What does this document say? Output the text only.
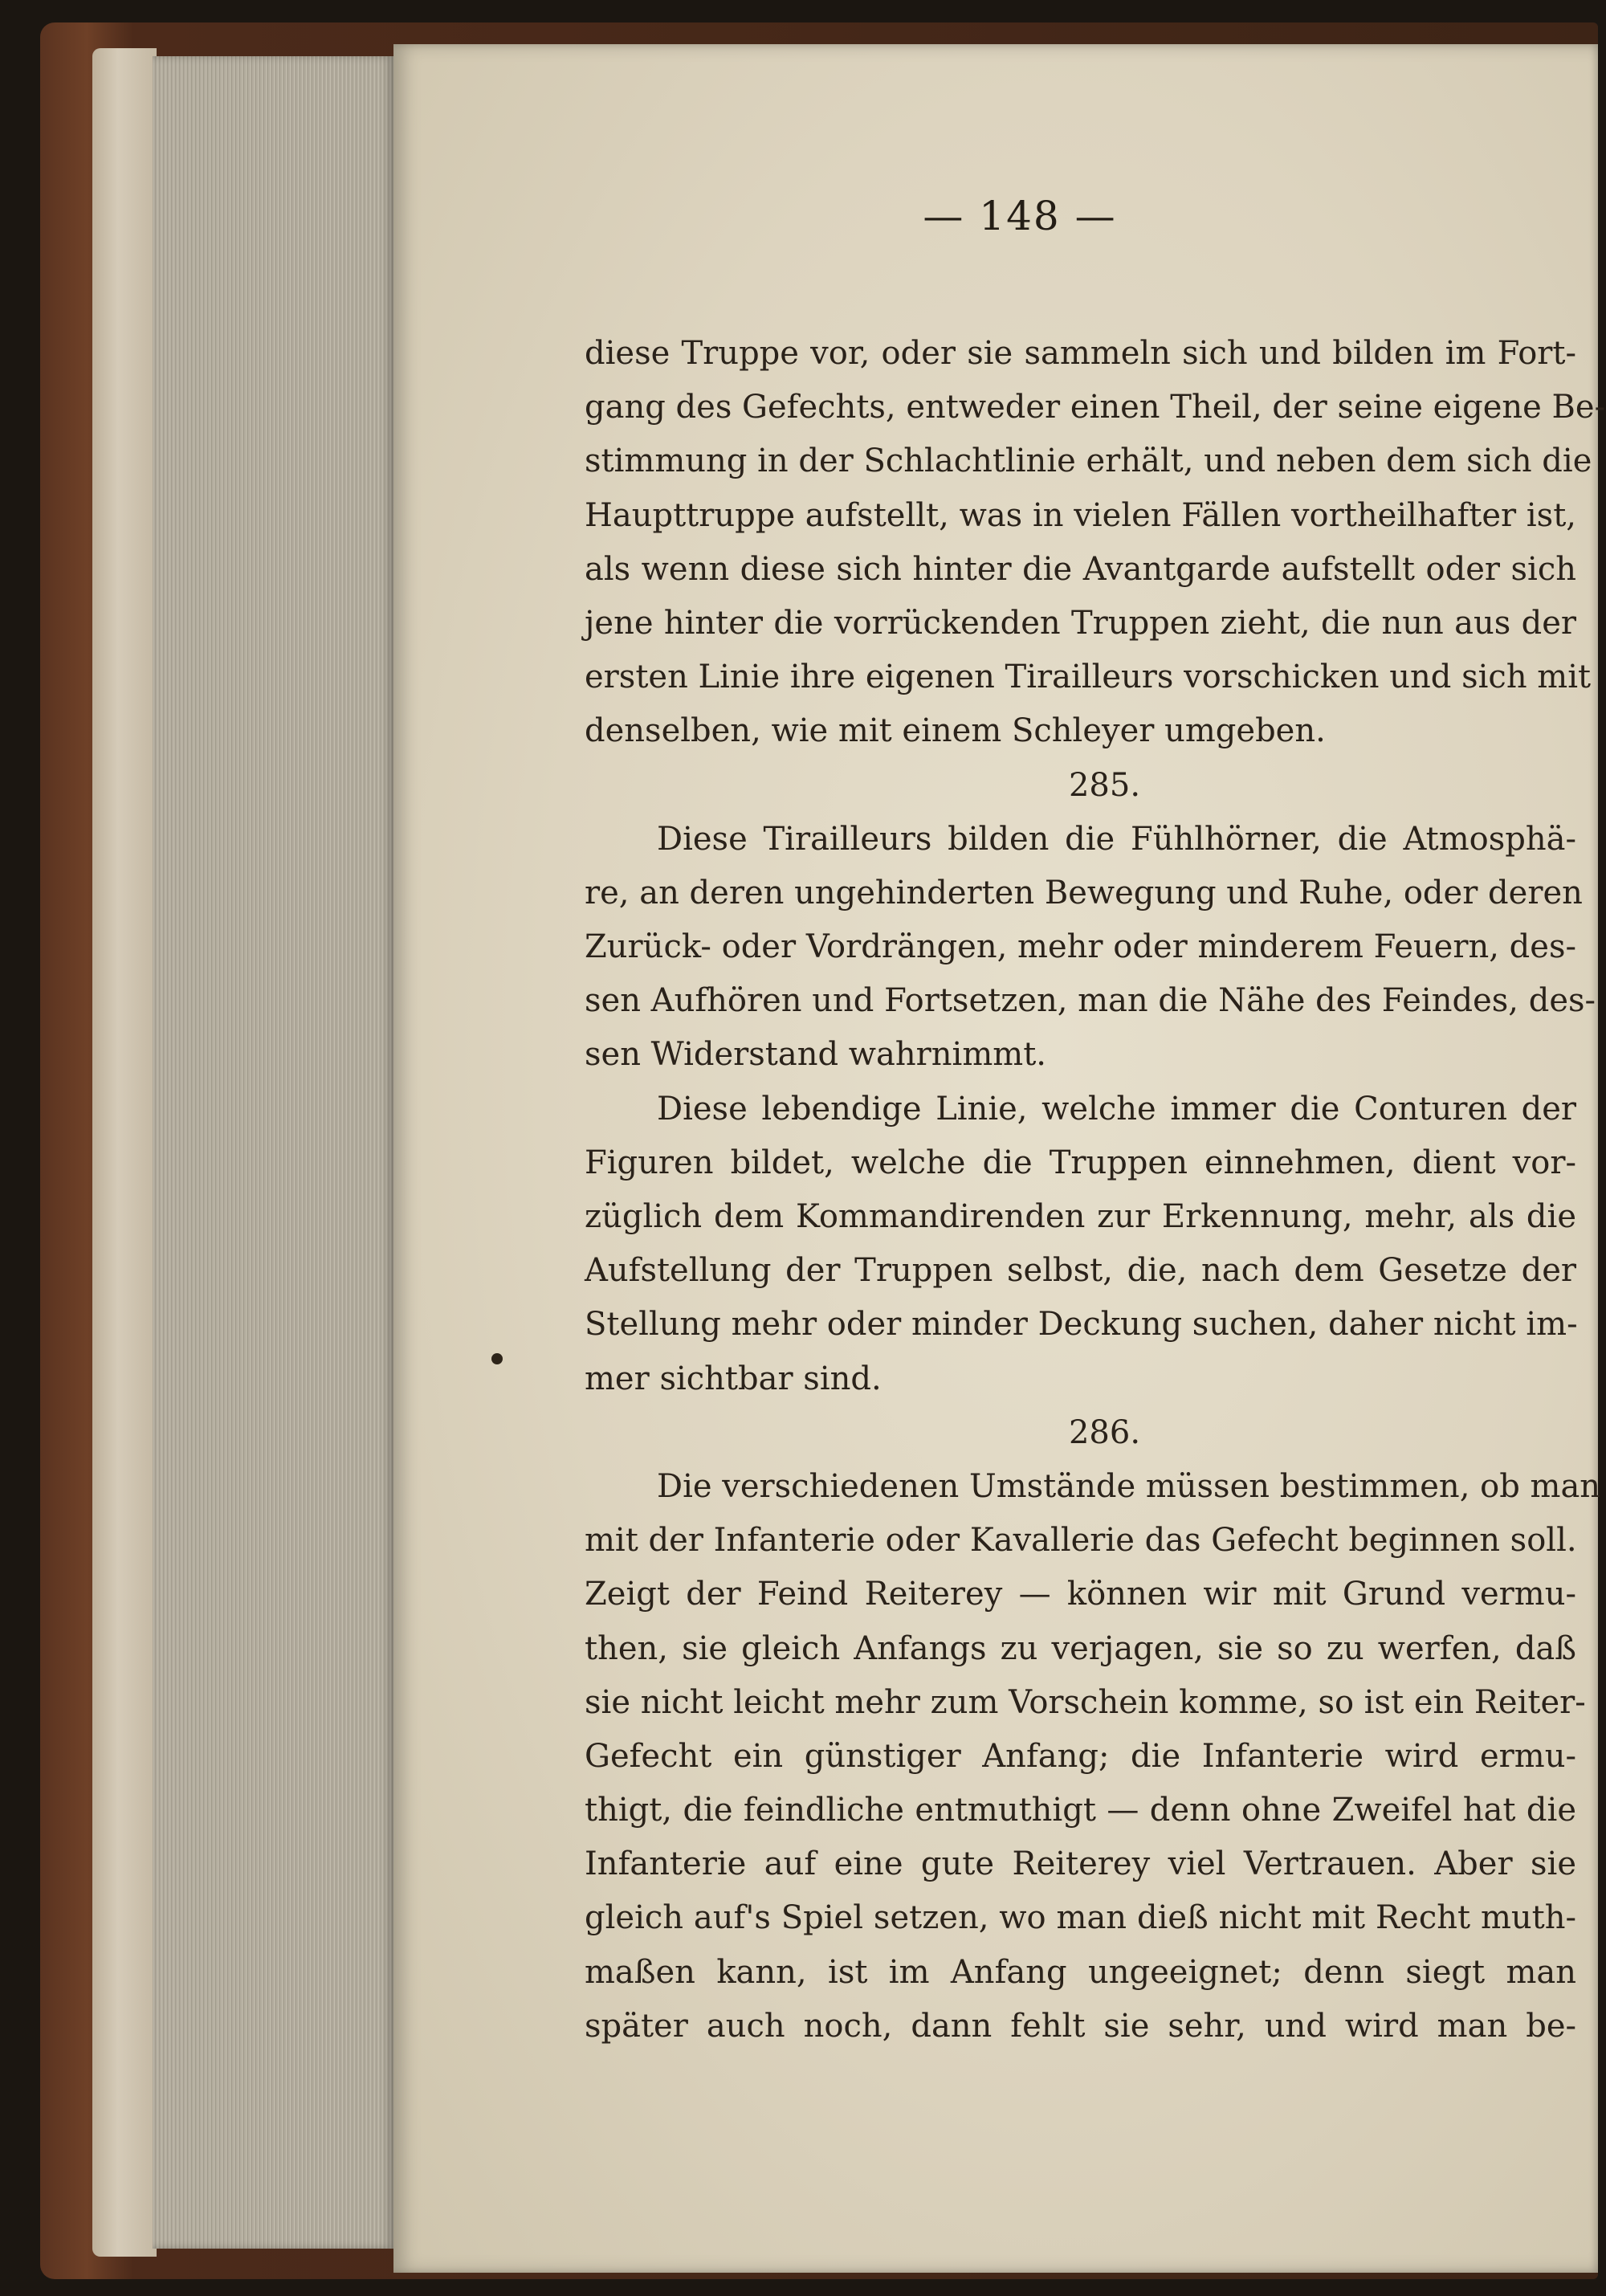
— 148 —

diese Truppe vor, oder sie sammeln sich und bilden im Fort-
gang des Gefechts, entweder einen Theil, der seine eigene Be-
stimmung in der Schlachtlinie erhält, und neben dem sich die
Haupttruppe aufstellt, was in vielen Fällen vortheilhafter ist,
als wenn diese sich hinter die Avantgarde aufstellt oder sich
jene hinter die vorrückenden Truppen zieht, die nun aus der
ersten Linie ihre eigenen Tirailleurs vorschicken und sich mit
denselben, wie mit einem Schleyer umgeben.
285.
Diese Tirailleurs bilden die Fühlhörner, die Atmosphä-
re, an deren ungehinderten Bewegung und Ruhe, oder deren
Zurück- oder Vordrängen, mehr oder minderem Feuern, des-
sen Aufhören und Fortsetzen, man die Nähe des Feindes, des-
sen Widerstand wahrnimmt.
Diese lebendige Linie, welche immer die Conturen der
Figuren bildet, welche die Truppen einnehmen, dient vor-
züglich dem Kommandirenden zur Erkennung, mehr, als die
Aufstellung der Truppen selbst, die, nach dem Gesetze der
Stellung mehr oder minder Deckung suchen, daher nicht im-
mer sichtbar sind.
286.
Die verschiedenen Umstände müssen bestimmen, ob man
mit der Infanterie oder Kavallerie das Gefecht beginnen soll.
Zeigt der Feind Reiterey — können wir mit Grund vermu-
then, sie gleich Anfangs zu verjagen, sie so zu werfen, daß
sie nicht leicht mehr zum Vorschein komme, so ist ein Reiter-
Gefecht ein günstiger Anfang; die Infanterie wird ermu-
thigt, die feindliche entmuthigt — denn ohne Zweifel hat die
Infanterie auf eine gute Reiterey viel Vertrauen. Aber sie
gleich auf's Spiel setzen, wo man dieß nicht mit Recht muth-
maßen kann, ist im Anfang ungeeignet; denn siegt man
später auch noch, dann fehlt sie sehr, und wird man be-
